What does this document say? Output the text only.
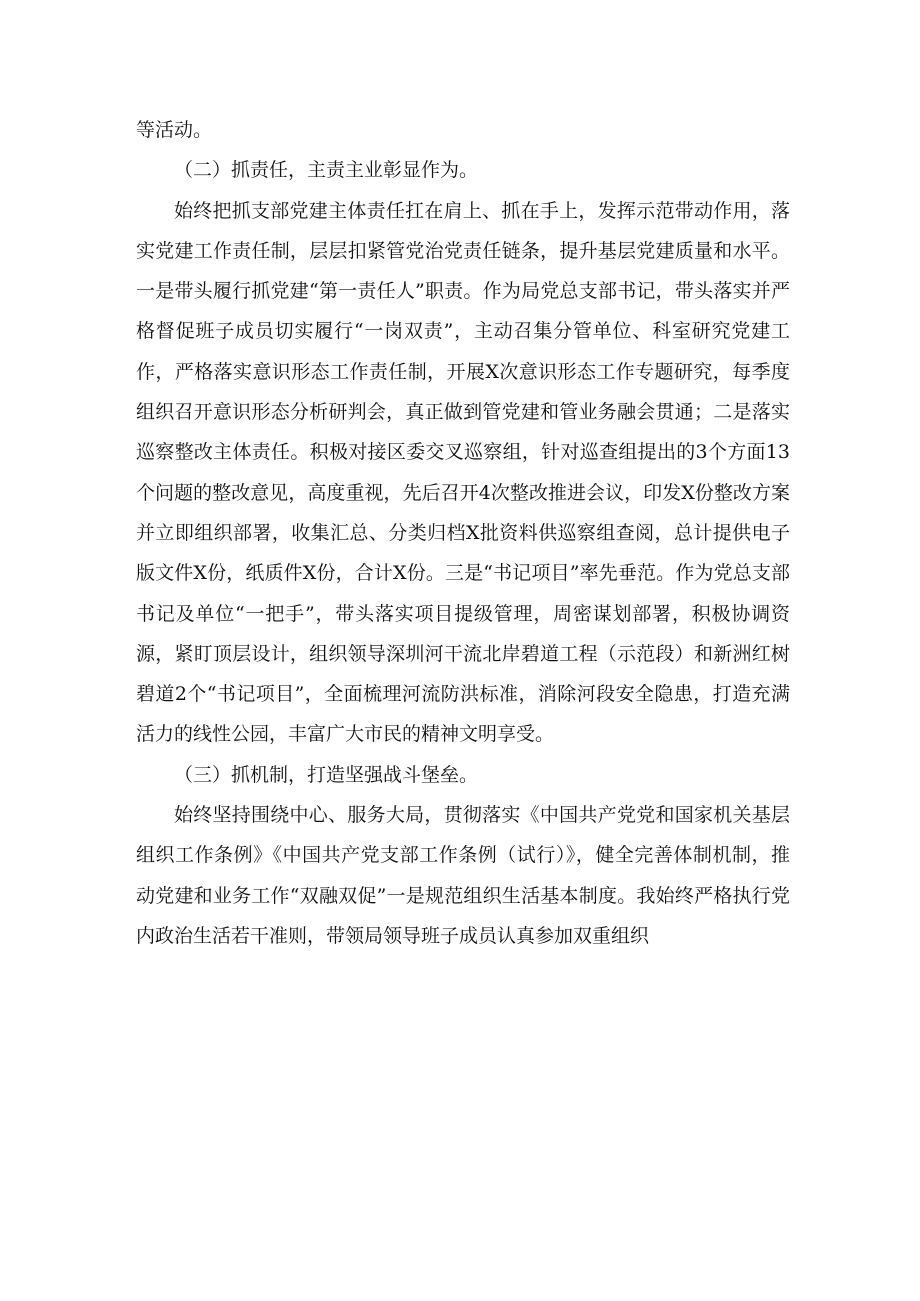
等活动。

（二）抓责任，主责主业彰显作为。

始终把抓支部党建主体责任扛在肩上、抓在手上，发挥示范带动作用，落实党建工作责任制，层层扣紧管党治党责任链条，提升基层党建质量和水平。一是带头履行抓党建“第一责任人”职责。作为局党总支部书记，带头落实并严格督促班子成员切实履行“一岗双责”，主动召集分管单位、科室研究党建工作，严格落实意识形态工作责任制，开展X次意识形态工作专题研究，每季度组织召开意识形态分析研判会，真正做到管党建和管业务融会贯通；二是落实巡察整改主体责任。积极对接区委交叉巡察组，针对巡查组提出的3个方面13个问题的整改意见，高度重视，先后召开4次整改推进会议，印发X份整改方案并立即组织部署，收集汇总、分类归档X批资料供巡察组查阅，总计提供电子版文件X份，纸质件X份，合计X份。三是“书记项目”率先垂范。作为党总支部书记及单位“一把手”，带头落实项目提级管理，周密谋划部署，积极协调资源，紧盯顶层设计，组织领导深圳河干流北岸碧道工程（示范段）和新洲红树碧道2个“书记项目”，全面梳理河流防洪标准，消除河段安全隐患，打造充满活力的线性公园，丰富广大市民的精神文明享受。

（三）抓机制，打造坚强战斗堡垒。

始终坚持围绕中心、服务大局，贯彻落实《中国共产党党和国家机关基层组织工作条例》《中国共产党支部工作条例（试行）》，健全完善体制机制，推动党建和业务工作“双融双促”一是规范组织生活基本制度。我始终严格执行党内政治生活若干准则，带领局领导班子成员认真参加双重组织
